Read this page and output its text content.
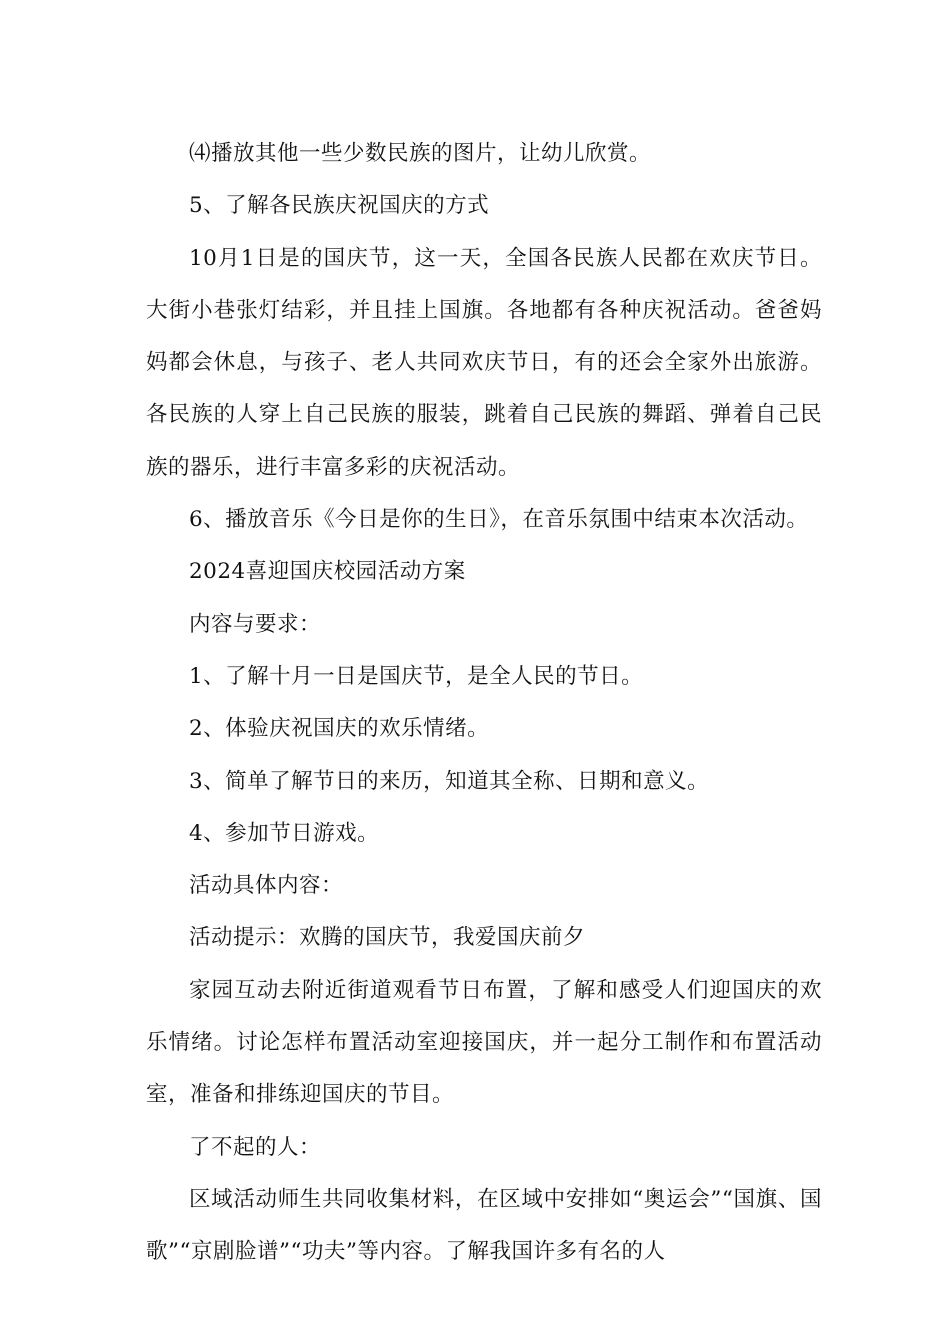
⑷播放其他一些少数民族的图片，让幼儿欣赏。

5、了解各民族庆祝国庆的方式

10月1日是的国庆节，这一天，全国各民族人民都在欢庆节日。大街小巷张灯结彩，并且挂上国旗。各地都有各种庆祝活动。爸爸妈妈都会休息，与孩子、老人共同欢庆节日，有的还会全家外出旅游。各民族的人穿上自己民族的服装，跳着自己民族的舞蹈、弹着自己民族的器乐，进行丰富多彩的庆祝活动。

6、播放音乐《今日是你的生日》，在音乐氛围中结束本次活动。

2024喜迎国庆校园活动方案

内容与要求：

1、了解十月一日是国庆节，是全人民的节日。

2、体验庆祝国庆的欢乐情绪。

3、简单了解节日的来历，知道其全称、日期和意义。

4、参加节日游戏。

活动具体内容：

活动提示：欢腾的国庆节，我爱国庆前夕

家园互动去附近街道观看节日布置，了解和感受人们迎国庆的欢乐情绪。讨论怎样布置活动室迎接国庆，并一起分工制作和布置活动室，准备和排练迎国庆的节目。

了不起的人：

区域活动师生共同收集材料，在区域中安排如“奥运会”“国旗、国歌”“京剧脸谱”“功夫”等内容。了解我国许多有名的人
